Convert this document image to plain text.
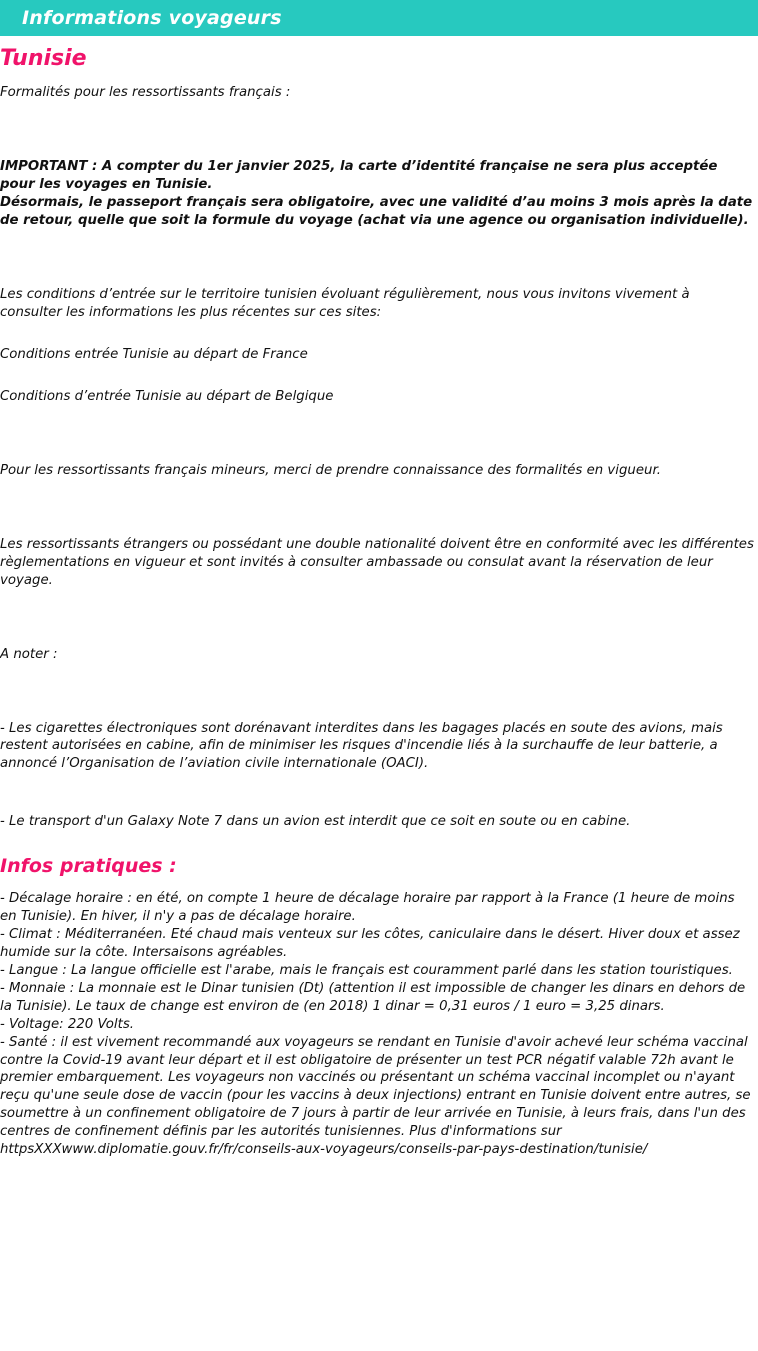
Informations voyageurs
Tunisie

Formalités pour les ressortissants français :

IMPORTANT : A compter du 1er janvier 2025, la carte d’identité française ne sera plus acceptée pour les voyages en Tunisie.

Désormais, le passeport français sera obligatoire, avec une validité d’au moins 3 mois après la date de retour, quelle que soit la formule du voyage (achat via une agence ou organisation individuelle).

Les conditions d’entrée sur le territoire tunisien évoluant régulièrement, nous vous invitons vivement à consulter les informations les plus récentes sur ces sites:

Conditions entrée Tunisie au départ de France

Conditions d’entrée Tunisie au départ de Belgique

Pour les ressortissants français mineurs, merci de prendre connaissance des formalités en vigueur.

Les ressortissants étrangers ou possédant une double nationalité doivent être en conformité avec les différentes règlementations en vigueur et sont invités à consulter ambassade ou consulat avant la réservation de leur voyage.

A noter :

- Les cigarettes électroniques sont dorénavant interdites dans les bagages placés en soute des avions, mais restent autorisées en cabine, afin de minimiser les risques d'incendie liés à la surchauffe de leur batterie, a annoncé l’Organisation de l’aviation civile internationale (OACI).

- Le transport d'un Galaxy Note 7 dans un avion est interdit que ce soit en soute ou en cabine.

Infos pratiques :

- Décalage horaire : en été, on compte 1 heure de décalage horaire par rapport à la France (1 heure de moins en Tunisie). En hiver, il n'y a pas de décalage horaire.

- Climat : Méditerranéen. Eté chaud mais venteux sur les côtes, caniculaire dans le désert. Hiver doux et assez humide sur la côte. Intersaisons agréables.

- Langue : La langue officielle est l'arabe, mais le français est couramment parlé dans les station touristiques.

- Monnaie : La monnaie est le Dinar tunisien (Dt) (attention il est impossible de changer les dinars en dehors de la Tunisie). Le taux de change est environ de (en 2018) 1 dinar = 0,31 euros / 1 euro = 3,25 dinars.

- Voltage: 220 Volts.

- Santé : il est vivement recommandé aux voyageurs se rendant en Tunisie d'avoir achevé leur schéma vaccinal contre la Covid-19 avant leur départ et il est obligatoire de présenter un test PCR négatif valable 72h avant le premier embarquement. Les voyageurs non vaccinés ou présentant un schéma vaccinal incomplet ou n'ayant reçu qu'une seule dose de vaccin (pour les vaccins à deux injections) entrant en Tunisie doivent entre autres, se soumettre à un confinement obligatoire de 7 jours à partir de leur arrivée en Tunisie, à leurs frais, dans l'un des centres de confinement définis par les autorités tunisiennes. Plus d'informations sur httpsXXXwww.diplomatie.gouv.fr/fr/conseils-aux-voyageurs/conseils-par-pays-destination/tunisie/
